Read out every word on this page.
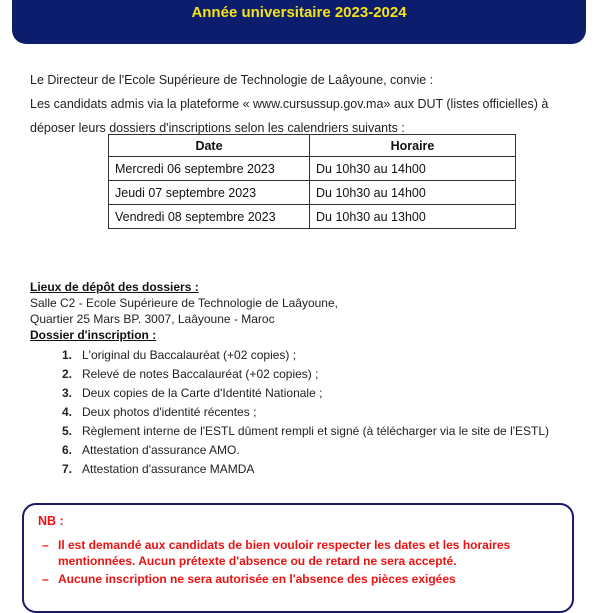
Année universitaire 2023-2024

Le Directeur de l'Ecole Supérieure de Technologie de Laâyoune, convie :

Les candidats admis via la plateforme « www.cursussup.gov.ma» aux DUT (listes officielles) à

déposer leurs dossiers d'inscriptions selon les calendriers suivants :

Date	Horaire
Mercredi 06 septembre 2023	Du 10h30 au 14h00
Jeudi 07 septembre 2023	Du 10h30 au 14h00
Vendredi 08 septembre 2023	Du 10h30 au 13h00
Lieux de dépôt des dossiers :
Salle C2 - Ecole Supérieure de Technologie de Laâyoune,
Quartier 25 Mars BP. 3007, Laâyoune - Maroc
Dossier d'inscription :
1. L'original du Baccalauréat (+02 copies) ;
2. Relevé de notes Baccalauréat (+02 copies) ;
3. Deux copies de la Carte d'Identité Nationale ;
4. Deux photos d'identité récentes ;
5. Règlement interne de l'ESTL dûment rempli et signé (à télécharger via le site de l'ESTL)
6. Attestation d'assurance AMO.
7. Attestation d'assurance MAMDA
NB :
– Il est demandé aux candidats de bien vouloir respecter les dates et les horaires
mentionnées. Aucun prétexte d'absence ou de retard ne sera accepté.
– Aucune inscription ne sera autorisée en l'absence des pièces exigées
